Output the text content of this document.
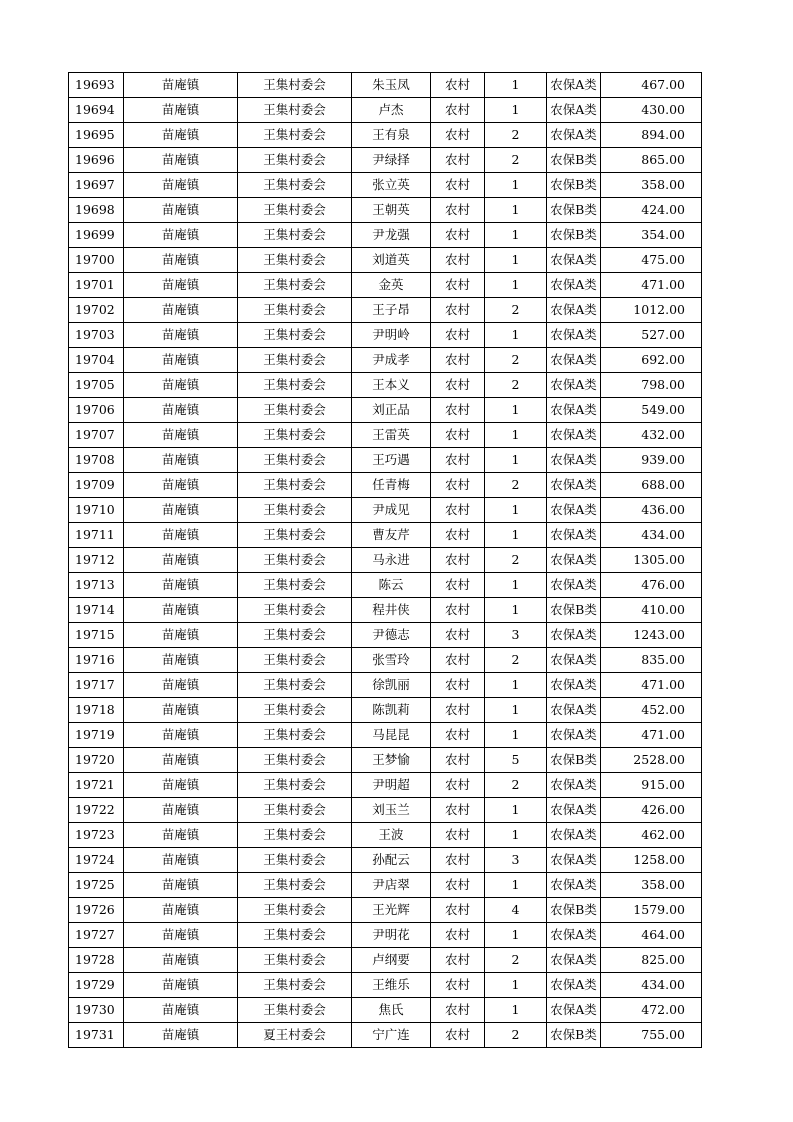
19693	苗庵镇	王集村委会	朱玉凤	农村	1	农保A类	467.00
19694	苗庵镇	王集村委会	卢杰	农村	1	农保A类	430.00
19695	苗庵镇	王集村委会	王有泉	农村	2	农保A类	894.00
19696	苗庵镇	王集村委会	尹绿择	农村	2	农保B类	865.00
19697	苗庵镇	王集村委会	张立英	农村	1	农保B类	358.00
19698	苗庵镇	王集村委会	王朝英	农村	1	农保B类	424.00
19699	苗庵镇	王集村委会	尹龙强	农村	1	农保B类	354.00
19700	苗庵镇	王集村委会	刘道英	农村	1	农保A类	475.00
19701	苗庵镇	王集村委会	金英	农村	1	农保A类	471.00
19702	苗庵镇	王集村委会	王子昂	农村	2	农保A类	1012.00
19703	苗庵镇	王集村委会	尹明岭	农村	1	农保A类	527.00
19704	苗庵镇	王集村委会	尹成孝	农村	2	农保A类	692.00
19705	苗庵镇	王集村委会	王本义	农村	2	农保A类	798.00
19706	苗庵镇	王集村委会	刘正品	农村	1	农保A类	549.00
19707	苗庵镇	王集村委会	王雷英	农村	1	农保A类	432.00
19708	苗庵镇	王集村委会	王巧遇	农村	1	农保A类	939.00
19709	苗庵镇	王集村委会	任青梅	农村	2	农保A类	688.00
19710	苗庵镇	王集村委会	尹成见	农村	1	农保A类	436.00
19711	苗庵镇	王集村委会	曹友芹	农村	1	农保A类	434.00
19712	苗庵镇	王集村委会	马永进	农村	2	农保A类	1305.00
19713	苗庵镇	王集村委会	陈云	农村	1	农保A类	476.00
19714	苗庵镇	王集村委会	程井侠	农村	1	农保B类	410.00
19715	苗庵镇	王集村委会	尹德志	农村	3	农保A类	1243.00
19716	苗庵镇	王集村委会	张雪玲	农村	2	农保A类	835.00
19717	苗庵镇	王集村委会	徐凯丽	农村	1	农保A类	471.00
19718	苗庵镇	王集村委会	陈凯莉	农村	1	农保A类	452.00
19719	苗庵镇	王集村委会	马昆昆	农村	1	农保A类	471.00
19720	苗庵镇	王集村委会	王梦愉	农村	5	农保B类	2528.00
19721	苗庵镇	王集村委会	尹明超	农村	2	农保A类	915.00
19722	苗庵镇	王集村委会	刘玉兰	农村	1	农保A类	426.00
19723	苗庵镇	王集村委会	王波	农村	1	农保A类	462.00
19724	苗庵镇	王集村委会	孙配云	农村	3	农保A类	1258.00
19725	苗庵镇	王集村委会	尹店翠	农村	1	农保A类	358.00
19726	苗庵镇	王集村委会	王光辉	农村	4	农保B类	1579.00
19727	苗庵镇	王集村委会	尹明花	农村	1	农保A类	464.00
19728	苗庵镇	王集村委会	卢纲要	农村	2	农保A类	825.00
19729	苗庵镇	王集村委会	王维乐	农村	1	农保A类	434.00
19730	苗庵镇	王集村委会	焦氏	农村	1	农保A类	472.00
19731	苗庵镇	夏王村委会	宁广连	农村	2	农保B类	755.00
